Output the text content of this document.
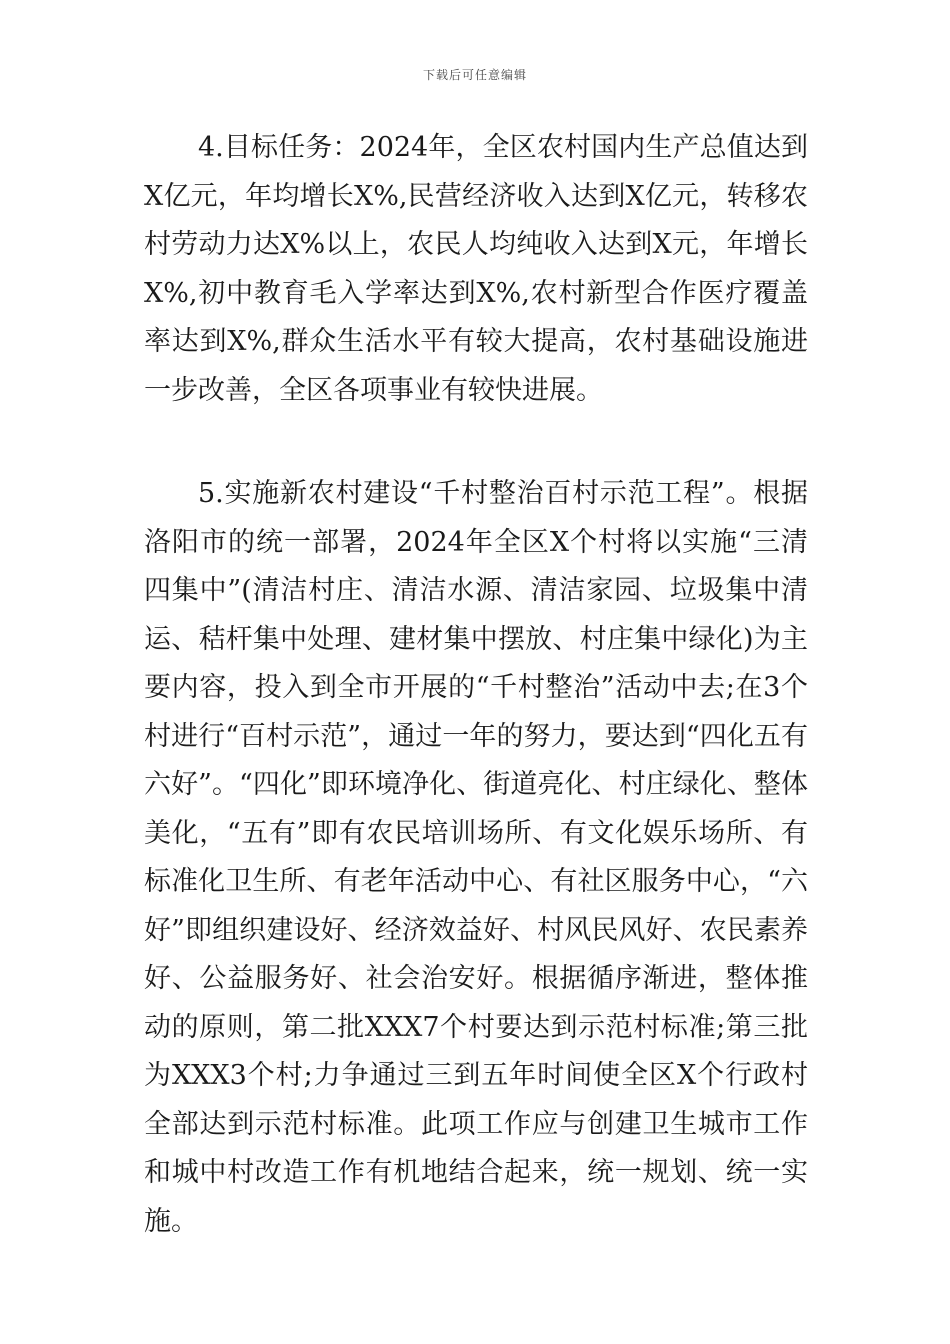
下载后可任意编辑

4.目标任务：2024年，全区农村国内生产总值达到X亿元，年均增长X%,民营经济收入达到X亿元，转移农村劳动力达X%以上，农民人均纯收入达到X元，年增长X%,初中教育毛入学率达到X%,农村新型合作医疗覆盖率达到X%,群众生活水平有较大提高，农村基础设施进一步改善，全区各项事业有较快进展。

5.实施新农村建设“千村整治百村示范工程”。根据洛阳市的统一部署，2024年全区X个村将以实施“三清四集中”(清洁村庄、清洁水源、清洁家园、垃圾集中清运、秸杆集中处理、建材集中摆放、村庄集中绿化)为主要内容，投入到全市开展的“千村整治”活动中去;在3个村进行“百村示范”，通过一年的努力，要达到“四化五有六好”。“四化”即环境净化、街道亮化、村庄绿化、整体美化，“五有”即有农民培训场所、有文化娱乐场所、有标准化卫生所、有老年活动中心、有社区服务中心，“六好”即组织建设好、经济效益好、村风民风好、农民素养好、公益服务好、社会治安好。根据循序渐进，整体推动的原则，第二批XXX7个村要达到示范村标准;第三批为XXX3个村;力争通过三到五年时间使全区X个行政村全部达到示范村标准。此项工作应与创建卫生城市工作和城中村改造工作有机地结合起来，统一规划、统一实施。
